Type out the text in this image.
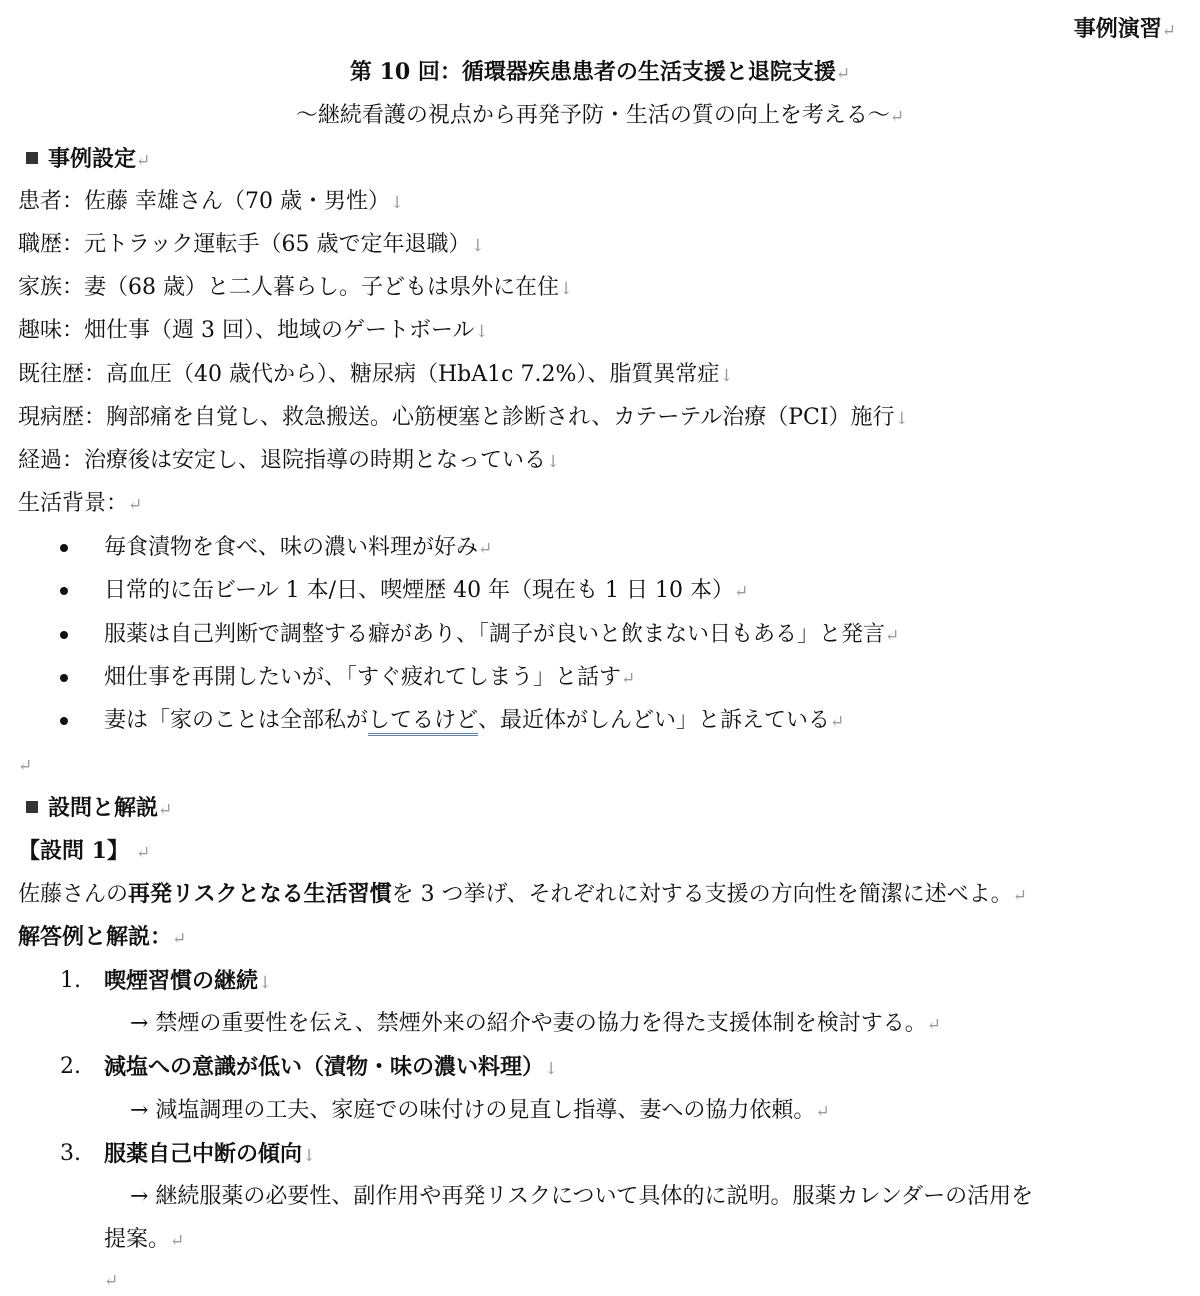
事例演習↵
第 10 回：循環器疾患患者の生活支援と退院支援↵
～継続看護の視点から再発予防・生活の質の向上を考える～↵
事例設定↵
患者：佐藤 幸雄さん（70 歳・男性）↓
職歴：元トラック運転手（65 歳で定年退職）↓
家族：妻（68 歳）と二人暮らし。子どもは県外に在住↓
趣味：畑仕事（週 3 回）、地域のゲートボール↓
既往歴：高血圧（40 歳代から）、糖尿病（HbA1c 7.2%）、脂質異常症↓
現病歴：胸部痛を自覚し、救急搬送。心筋梗塞と診断され、カテーテル治療（PCI）施行↓
経過：治療後は安定し、退院指導の時期となっている↓
生活背景：↵
毎食漬物を食べ、味の濃い料理が好み↵
日常的に缶ビール 1 本/日、喫煙歴 40 年（現在も 1 日 10 本）↵
服薬は自己判断で調整する癖があり、「調子が良いと飲まない日もある」と発言↵
畑仕事を再開したいが、「すぐ疲れてしまう」と話す↵
妻は「家のことは全部私がしてるけど、最近体がしんどい」と訴えている↵
↵
設問と解説↵
【設問 1】 ↵
佐藤さんの再発リスクとなる生活習慣を 3 つ挙げ、それぞれに対する支援の方向性を簡潔に述べよ。↵
解答例と解説：↵
1. 喫煙習慣の継続↓
→ 禁煙の重要性を伝え、禁煙外来の紹介や妻の協力を得た支援体制を検討する。↵
2. 減塩への意識が低い（漬物・味の濃い料理）↓
→ 減塩調理の工夫、家庭での味付けの見直し指導、妻への協力依頼。↵
3. 服薬自己中断の傾向↓
→ 継続服薬の必要性、副作用や再発リスクについて具体的に説明。服薬カレンダーの活用を
提案。↵
↵
